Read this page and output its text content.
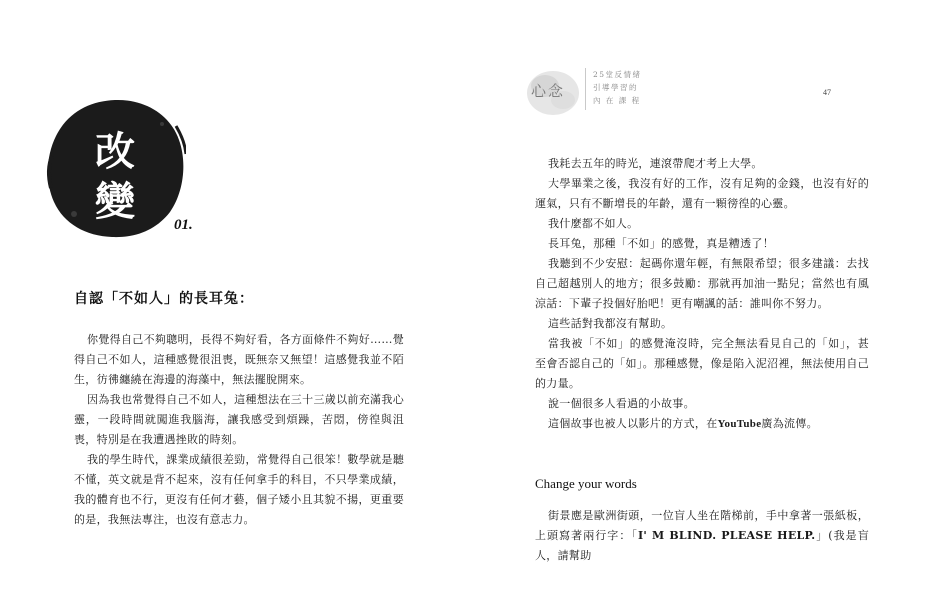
改
變	01.
自認「不如人」的長耳兔：

你覺得自己不夠聰明，長得不夠好看，各方面條件不夠好……覺得自己不如人，這種感覺很沮喪，既無奈又無望！這感覺我並不陌生，彷彿纏繞在海邊的海藻中，無法擺脫開來。

因為我也常覺得自己不如人，這種想法在三十三歲以前充滿我心靈，一段時間就闖進我腦海，讓我感受到煩躁，苦悶，傍徨與沮喪，特別是在我遭遇挫敗的時刻。

我的學生時代，課業成績很差勁，常覺得自己很笨！數學就是聽不懂，英文就是背不起來，沒有任何拿手的科目，不只學業成績，我的體育也不行，更沒有任何才藝，個子矮小且其貌不揚，更重要的是，我無法專注，也沒有意志力。

心念
25堂反情緒
引導學習的
內 在 課 程
47

我耗去五年的時光，連滾帶爬才考上大學。

大學畢業之後，我沒有好的工作，沒有足夠的金錢，也沒有好的運氣，只有不斷增長的年齡，還有一顆徬徨的心靈。

我什麼都不如人。

長耳兔，那種「不如」的感覺，真是糟透了！

我聽到不少安慰：起碼你還年輕，有無限希望；很多建議：去找自己超越別人的地方；很多鼓勵：那就再加油一點兒；當然也有風涼話：下輩子投個好胎吧！更有嘲諷的話：誰叫你不努力。

這些話對我都沒有幫助。

當我被「不如」的感覺淹沒時，完全無法看見自己的「如」，甚至會否認自己的「如」。那種感覺，像是陷入泥沼裡，無法使用自己的力量。

說一個很多人看過的小故事。

這個故事也被人以影片的方式，在YouTube廣為流傳。

Change your words

街景應是歐洲街頭，一位盲人坐在階梯前，手中拿著一張紙板，上頭寫著兩行字：「I' M BLIND. PLEASE HELP.」(我是盲人，請幫助
